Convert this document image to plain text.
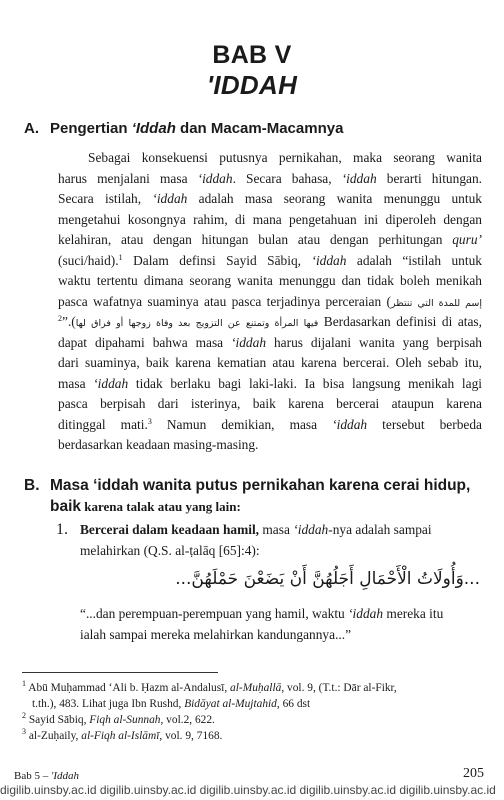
BAB V
'IDDAH
A. Pengertian ‘Iddah dan Macam-Macamnya
Sebagai konsekuensi putusnya pernikahan, maka seorang wanita
harus menjalani masa ‘iddah. Secara bahasa, ‘iddah berarti hitungan.
Secara istilah, ‘iddah adalah masa seorang wanita menunggu untuk
mengetahui kosongnya rahim, di mana pengetahuan ini diperoleh dengan
kelahiran, atau dengan hitungan bulan atau dengan perhitungan quru’
(suci/haid).$^1$ Dalam definsi Sayid Sābiq, ‘iddah adalah “istilah untuk
waktu tertentu dimana seorang wanita menunggu dan tidak boleh menikah
pasca wafatnya suaminya atau pasca terjadinya perceraian (إسم للمدة التي تنتظر
فيها المرأة وتمتنع عن التزويج بعد وفاة زوجها أو فراق لها).”$^2$	Berdasarkan definisi di atas,
dapat dipahami bahwa masa ‘iddah harus dijalani wanita yang berpisah
dari suaminya, baik karena kematian atau karena bercerai. Oleh sebab itu,
masa ‘iddah tidak berlaku bagi laki-laki. Ia bisa langsung menikah lagi
pasca berpisah dari isterinya, baik karena bercerai ataupun karena
ditinggal mati.$^3$ Namun demikian, masa ‘iddah tersebut berbeda
berdasarkan keadaan masing-masing.
B. Masa ‘iddah wanita putus pernikahan karena cerai hidup,
baik karena talak atau yang lain:
1. Bercerai dalam keadaan hamil, masa ‘iddah-nya adalah sampai
melahirkan (Q.S. al-ṭalāq [65]:4):
...وَأُولَاتُ الْأَحْمَالِ أَجَلُهُنَّ أَنْ يَضَعْنَ حَمْلَهُنَّ...
“...dan perempuan-perempuan yang hamil, waktu ‘iddah mereka itu
ialah sampai mereka melahirkan kandungannya...”
$^1$ Abū Muḥammad ‘Ali b. Ḥazm al-Andalusī, al-Muḥallā, vol. 9, (T.t.: Dār al-Fikr,
t.th.), 483. Lihat juga Ibn Rushd, Bidāyat al-Mujtahid, 66 dst
$^2$ Sayid Sābiq, Fiqh al-Sunnah, vol.2, 622.
$^3$ al-Zuḥaily, al-Fiqh al-Islāmī, vol. 9, 7168.
Bab 5 – 'Iddah	205
digilib.uinsby.ac.id digilib.uinsby.ac.id digilib.uinsby.ac.id digilib.uinsby.ac.id digilib.uinsby.ac.id
